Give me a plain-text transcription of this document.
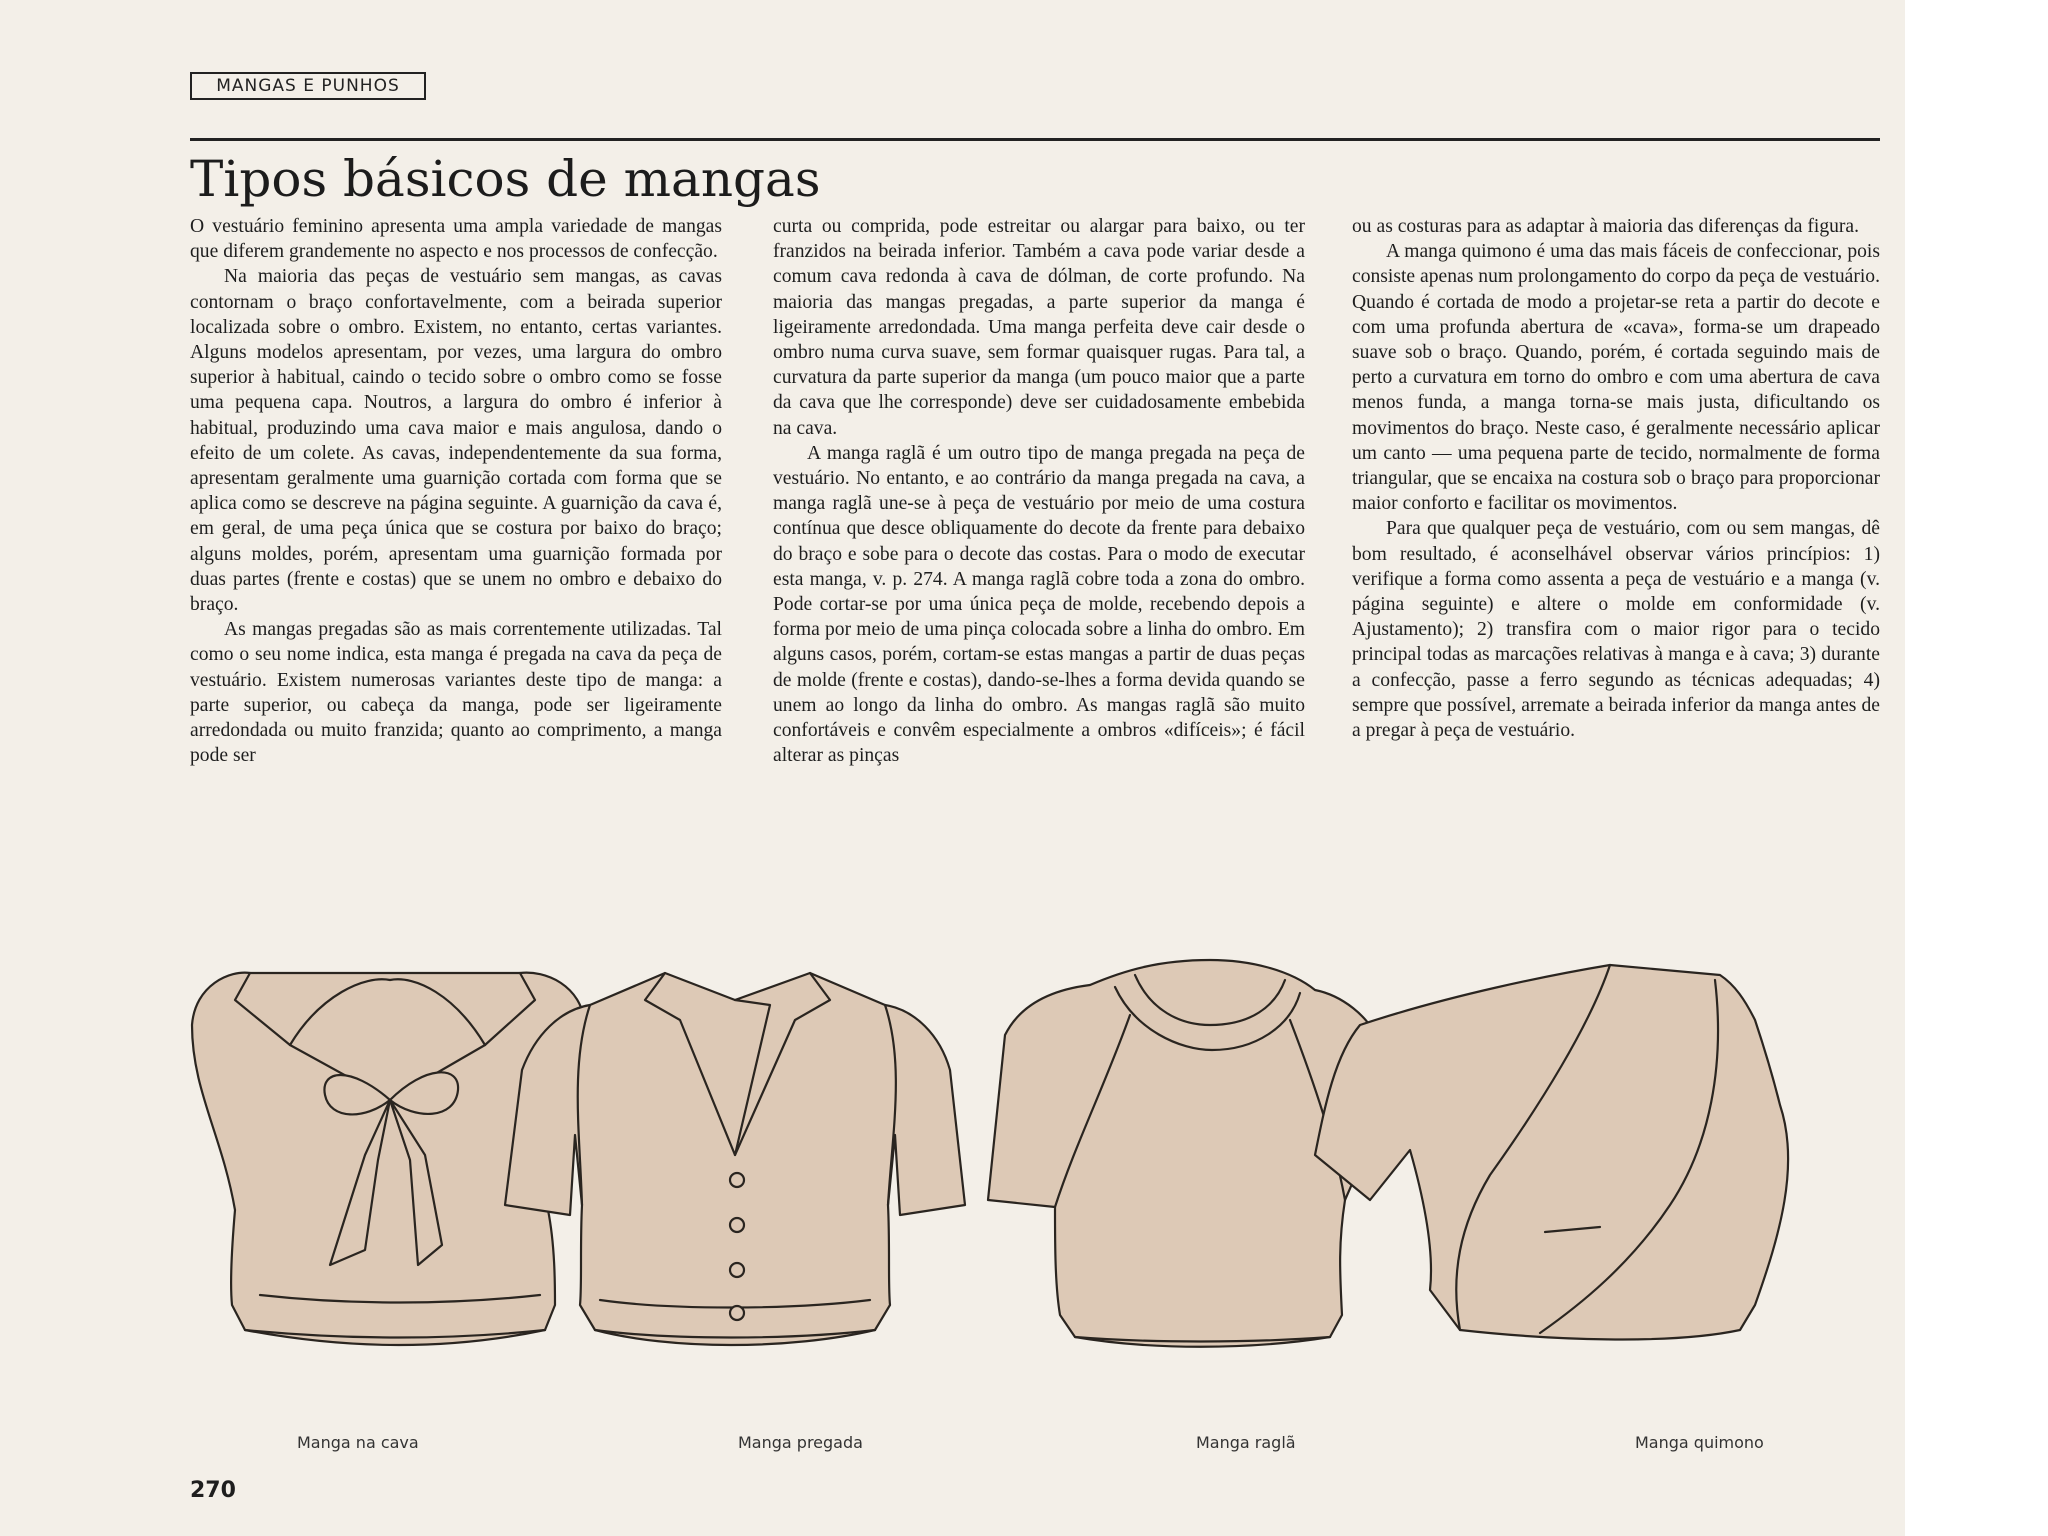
MANGAS E PUNHOS
Tipos básicos de mangas

O vestuário feminino apresenta uma ampla variedade de mangas que diferem grandemente no aspecto e nos processos de confecção.

Na maioria das peças de vestuário sem mangas, as cavas contornam o braço confortavelmente, com a beirada superior localizada sobre o ombro. Existem, no entanto, certas variantes. Alguns modelos apresentam, por vezes, uma largura do ombro superior à habitual, caindo o tecido sobre o ombro como se fosse uma pequena capa. Noutros, a largura do ombro é inferior à habitual, produzindo uma cava maior e mais angulosa, dando o efeito de um colete. As cavas, independentemente da sua forma, apresentam geralmente uma guarnição cortada com forma que se aplica como se descreve na página seguinte. A guarnição da cava é, em geral, de uma peça única que se costura por baixo do braço; alguns moldes, porém, apresentam uma guarnição formada por duas partes (frente e costas) que se unem no ombro e debaixo do braço.

As mangas pregadas são as mais correntemente utilizadas. Tal como o seu nome indica, esta manga é pregada na cava da peça de vestuário. Existem numerosas variantes deste tipo de manga: a parte superior, ou cabeça da manga, pode ser ligeiramente arredondada ou muito franzida; quanto ao comprimento, a manga pode ser

curta ou comprida, pode estreitar ou alargar para baixo, ou ter franzidos na beirada inferior. Também a cava pode variar desde a comum cava redonda à cava de dólman, de corte profundo. Na maioria das mangas pregadas, a parte superior da manga é ligeiramente arredondada. Uma manga perfeita deve cair desde o ombro numa curva suave, sem formar quaisquer rugas. Para tal, a curvatura da parte superior da manga (um pouco maior que a parte da cava que lhe corresponde) deve ser cuidadosamente embebida na cava.

A manga raglã é um outro tipo de manga pregada na peça de vestuário. No entanto, e ao contrário da manga pregada na cava, a manga raglã une-se à peça de vestuário por meio de uma costura contínua que desce obliquamente do decote da frente para debaixo do braço e sobe para o decote das costas. Para o modo de executar esta manga, v. p. 274. A manga raglã cobre toda a zona do ombro. Pode cortar-se por uma única peça de molde, recebendo depois a forma por meio de uma pinça colocada sobre a linha do ombro. Em alguns casos, porém, cortam-se estas mangas a partir de duas peças de molde (frente e costas), dando-se-lhes a forma devida quando se unem ao longo da linha do ombro. As mangas raglã são muito confortáveis e convêm especialmente a ombros «difíceis»; é fácil alterar as pinças

ou as costuras para as adaptar à maioria das diferenças da figura.

A manga quimono é uma das mais fáceis de confeccionar, pois consiste apenas num prolongamento do corpo da peça de vestuário. Quando é cortada de modo a projetar-se reta a partir do decote e com uma profunda abertura de «cava», forma-se um drapeado suave sob o braço. Quando, porém, é cortada seguindo mais de perto a curvatura em torno do ombro e com uma abertura de cava menos funda, a manga torna-se mais justa, dificultando os movimentos do braço. Neste caso, é geralmente necessário aplicar um canto — uma pequena parte de tecido, normalmente de forma triangular, que se encaixa na costura sob o braço para proporcionar maior conforto e facilitar os movimentos.

Para que qualquer peça de vestuário, com ou sem mangas, dê bom resultado, é aconselhável observar vários princípios: 1) verifique a forma como assenta a peça de vestuário e a manga (v. página seguinte) e altere o molde em conformidade (v. Ajustamento); 2) transfira com o maior rigor para o tecido principal todas as marcações relativas à manga e à cava; 3) durante a confecção, passe a ferro segundo as técnicas adequadas; 4) sempre que possível, arremate a beirada inferior da manga antes de a pregar à peça de vestuário.

Manga na cava	Manga pregada	Manga raglã	Manga quimono
270
